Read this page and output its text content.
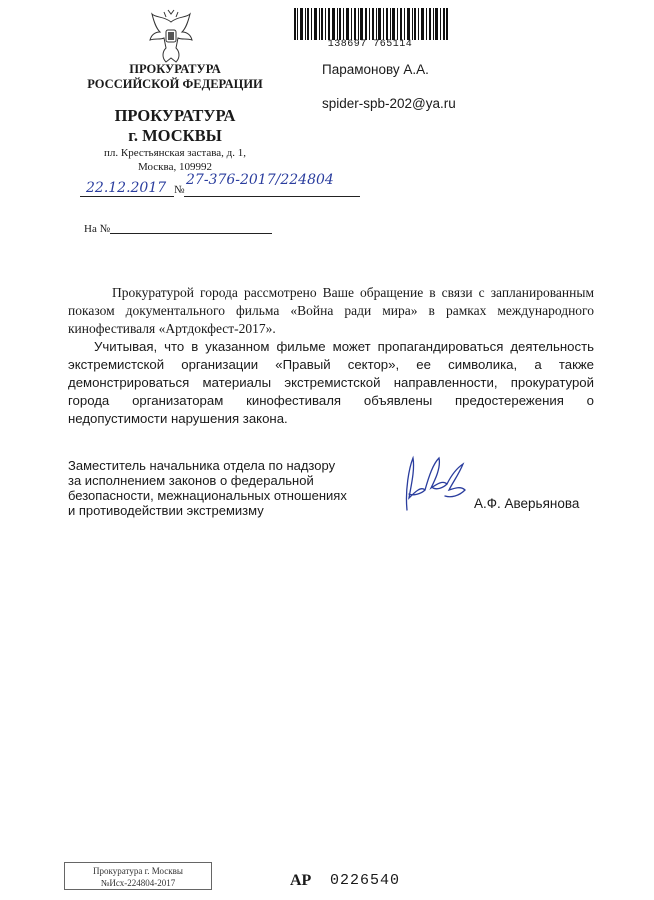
ПРОКУРАТУРА
РОССИЙСКОЙ ФЕДЕРАЦИИ
ПРОКУРАТУРА
г. МОСКВЫ
пл. Крестьянская застава, д. 1,
Москва, 109992
138697 765114
Парамонову А.А.
spider-spb-202@ya.ru
22.12.2017 №
27-376-2017/224804
На №
Прокуратурой города рассмотрено Ваше обращение в связи с запланированным показом документального фильма «Война ради мира» в рамках международного кинофестиваля «Артдокфест-2017».
Учитывая, что в указанном фильме может пропагандироваться деятельность экстремистской организации «Правый сектор», ее символика, а также демонстрироваться материалы экстремистской направленности, прокуратурой города организаторам кинофестиваля объявлены предостережения о недопустимости нарушения закона.
Заместитель начальника отдела по надзору
за исполнением законов о федеральной
безопасности, межнациональных отношениях
и противодействии экстремизму	А.Ф. Аверьянова
Прокуратура г. Москвы
№Исх-224804-2017	АР 0226540
